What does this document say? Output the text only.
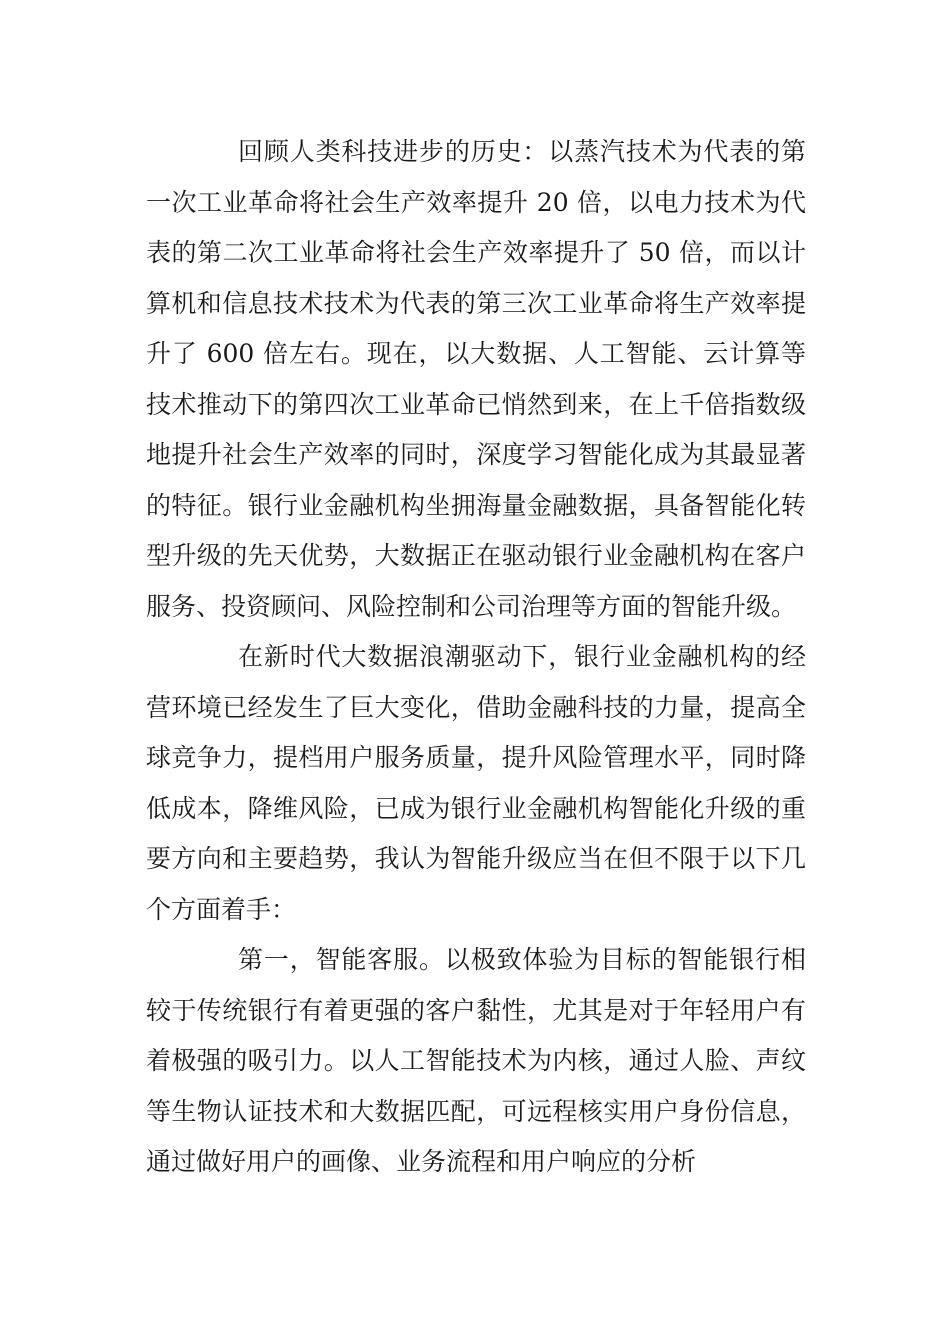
回顾人类科技进步的历史：以蒸汽技术为代表的第一次工业革命将社会生产效率提升 20 倍，以电力技术为代表的第二次工业革命将社会生产效率提升了 50 倍，而以计算机和信息技术技术为代表的第三次工业革命将生产效率提升了 600 倍左右。现在，以大数据、人工智能、云计算等技术推动下的第四次工业革命已悄然到来，在上千倍指数级地提升社会生产效率的同时，深度学习智能化成为其最显著的特征。银行业金融机构坐拥海量金融数据，具备智能化转型升级的先天优势，大数据正在驱动银行业金融机构在客户服务、投资顾问、风险控制和公司治理等方面的智能升级。

在新时代大数据浪潮驱动下，银行业金融机构的经营环境已经发生了巨大变化，借助金融科技的力量，提高全球竞争力，提档用户服务质量，提升风险管理水平，同时降低成本，降维风险，已成为银行业金融机构智能化升级的重要方向和主要趋势，我认为智能升级应当在但不限于以下几个方面着手：

第一，智能客服。以极致体验为目标的智能银行相较于传统银行有着更强的客户黏性，尤其是对于年轻用户有着极强的吸引力。以人工智能技术为内核，通过人脸、声纹等生物认证技术和大数据匹配，可远程核实用户身份信息，通过做好用户的画像、业务流程和用户响应的分析
